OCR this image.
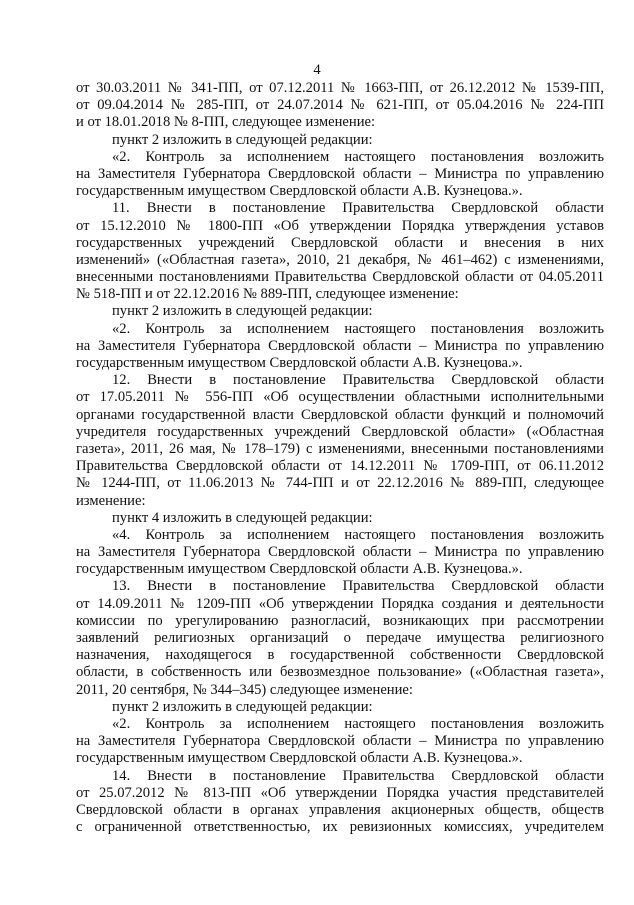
4
от 30.03.2011 № 341-ПП, от 07.12.2011 № 1663-ПП, от 26.12.2012 № 1539-ПП,
от 09.04.2014 № 285-ПП, от 24.07.2014 № 621-ПП, от 05.04.2016 № 224-ПП
и от 18.01.2018 № 8-ПП, следующее изменение:
пункт 2 изложить в следующей редакции:
«2. Контроль за исполнением настоящего постановления возложить
на Заместителя Губернатора Свердловской области – Министра по управлению
государственным имуществом Свердловской области А.В. Кузнецова.».
11. Внести в постановление Правительства Свердловской области
от 15.12.2010 № 1800-ПП «Об утверждении Порядка утверждения уставов
государственных учреждений Свердловской области и внесения в них
изменений» («Областная газета», 2010, 21 декабря, № 461–462) с изменениями,
внесенными постановлениями Правительства Свердловской области от 04.05.2011
№ 518-ПП и от 22.12.2016 № 889-ПП, следующее изменение:
пункт 2 изложить в следующей редакции:
«2. Контроль за исполнением настоящего постановления возложить
на Заместителя Губернатора Свердловской области – Министра по управлению
государственным имуществом Свердловской области А.В. Кузнецова.».
12. Внести в постановление Правительства Свердловской области
от 17.05.2011 № 556-ПП «Об осуществлении областными исполнительными
органами государственной власти Свердловской области функций и полномочий
учредителя государственных учреждений Свердловской области» («Областная
газета», 2011, 26 мая, № 178–179) с изменениями, внесенными постановлениями
Правительства Свердловской области от 14.12.2011 № 1709-ПП, от 06.11.2012
№ 1244-ПП, от 11.06.2013 № 744-ПП и от 22.12.2016 № 889-ПП, следующее
изменение:
пункт 4 изложить в следующей редакции:
«4. Контроль за исполнением настоящего постановления возложить
на Заместителя Губернатора Свердловской области – Министра по управлению
государственным имуществом Свердловской области А.В. Кузнецова.».
13. Внести в постановление Правительства Свердловской области
от 14.09.2011 № 1209-ПП «Об утверждении Порядка создания и деятельности
комиссии по урегулированию разногласий, возникающих при рассмотрении
заявлений религиозных организаций о передаче имущества религиозного
назначения, находящегося в государственной собственности Свердловской
области, в собственность или безвозмездное пользование» («Областная газета»,
2011, 20 сентября, № 344–345) следующее изменение:
пункт 2 изложить в следующей редакции:
«2. Контроль за исполнением настоящего постановления возложить
на Заместителя Губернатора Свердловской области – Министра по управлению
государственным имуществом Свердловской области А.В. Кузнецова.».
14. Внести в постановление Правительства Свердловской области
от 25.07.2012 № 813-ПП «Об утверждении Порядка участия представителей
Свердловской области в органах управления акционерных обществ, обществ
с ограниченной ответственностью, их ревизионных комиссиях, учредителем
